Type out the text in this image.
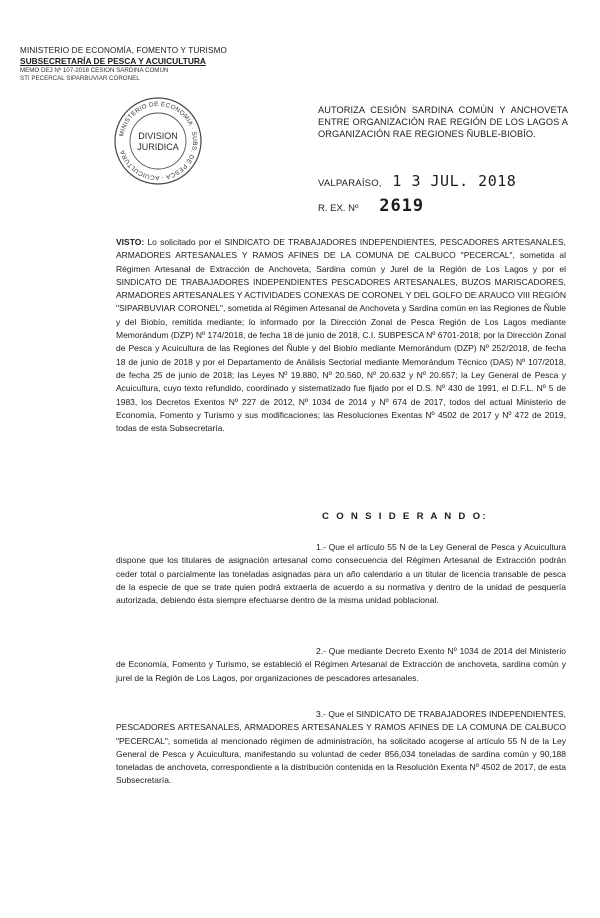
MINISTERIO DE ECONOMÍA, FOMENTO Y TURISMO
SUBSECRETARÍA DE PESCA Y ACUICULTURA
MEMO DEJ Nº 107-2018 CESION SARDINA COMUN
STI PECERCAL SIPARBUVIAR CORONEL
MINISTERIO DE ECONOMIA · SUBS. DE PESCA · ACUICULTURA
DIVISION
JURIDICA
AUTORIZA CESIÓN SARDINA COMÚN Y ANCHOVETA ENTRE ORGANIZACIÓN RAE REGIÓN DE LOS LAGOS A ORGANIZACIÓN RAE REGIONES ÑUBLE-BIOBÍO.
VALPARAÍSO, 1 3 JUL. 2018
R. EX. Nº 2619
VISTO: Lo solicitado por el SINDICATO DE TRABAJADORES INDEPENDIENTES, PESCADORES ARTESANALES, ARMADORES ARTESANALES Y RAMOS AFINES DE LA COMUNA DE CALBUCO "PECERCAL", sometida al Régimen Artesanal de Extracción de Anchoveta, Sardina común y Jurel de la Región de Los Lagos y por el SINDICATO DE TRABAJADORES INDEPENDIENTES PESCADORES ARTESANALES, BUZOS MARISCADORES, ARMADORES ARTESANALES Y ACTIVIDADES CONEXAS DE CORONEL Y DEL GOLFO DE ARAUCO VIII REGIÓN "SIPARBUVIAR CORONEL", sometida al Régimen Artesanal de Anchoveta y Sardina común en las Regiones de Ñuble y del Biobío, remitida mediante; lo informado por la Dirección Zonal de Pesca Región de Los Lagos mediante Memorándum (DZP) Nº 174/2018, de fecha 18 de junio de 2018, C.I. SUBPESCA Nº 6701-2018; por la Dirección Zonal de Pesca y Acuicultura de las Regiones del Ñuble y del Biobío mediante Memorándum (DZP) Nº 252/2018, de fecha 18 de junio de 2018 y por el Departamento de Análisis Sectorial mediante Memorándum Técnico (DAS) Nº 107/2018, de fecha 25 de junio de 2018; las Leyes Nº 19.880, Nº 20.560, Nº 20.632 y Nº 20.657; la Ley General de Pesca y Acuicultura, cuyo texto refundido, coordinado y sistematizado fue fijado por el D.S. Nº 430 de 1991, el D.F.L. Nº 5 de 1983, los Decretos Exentos Nº 227 de 2012, Nº 1034 de 2014 y Nº 674 de 2017, todos del actual Ministerio de Economía, Fomento y Turismo y sus modificaciones; las Resoluciones Exentas Nº 4502 de 2017 y Nº 472 de 2019, todas de esta Subsecretaría.
C O N S I D E R A N D O:
1.- Que el artículo 55 N de la Ley General de Pesca y Acuicultura dispone que los titulares de asignación artesanal como consecuencia del Régimen Artesanal de Extracción podrán ceder total o parcialmente las toneladas asignadas para un año calendario a un titular de licencia transable de pesca de la especie de que se trate quien podrá extraerla de acuerdo a su normativa y dentro de la unidad de pesquería autorizada, debiendo ésta siempre efectuarse dentro de la misma unidad poblacional.
2.- Que mediante Decreto Exento Nº 1034 de 2014 del Ministerio de Economía, Fomento y Turismo, se estableció el Régimen Artesanal de Extracción de anchoveta, sardina común y jurel de la Región de Los Lagos, por organizaciones de pescadores artesanales.
3.- Que el SINDICATO DE TRABAJADORES INDEPENDIENTES, PESCADORES ARTESANALES, ARMADORES ARTESANALES Y RAMOS AFINES DE LA COMUNA DE CALBUCO "PECERCAL", sometida al mencionado régimen de administración, ha solicitado acogerse al artículo 55 N de la Ley General de Pesca y Acuicultura, manifestando su voluntad de ceder 856,034 toneladas de sardina común y 90,188 toneladas de anchoveta, correspondiente a la distribución contenida en la Resolución Exenta Nº 4502 de 2017, de esta Subsecretaría.
